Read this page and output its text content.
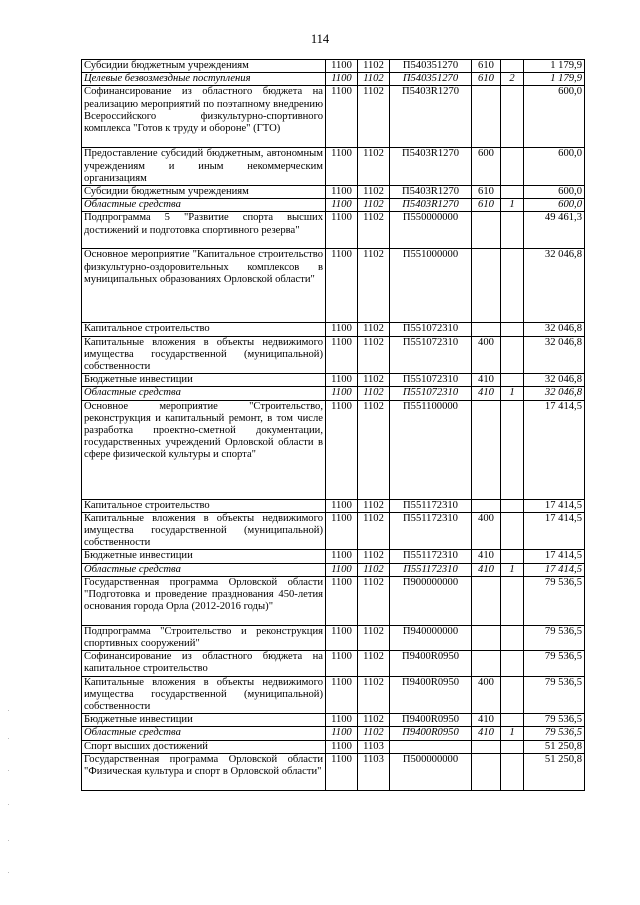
114
Субсидии бюджетным учреждениям	1100	1102	П540351270	610		1 179,9
Целевые безвозмездные поступления	1100	1102	П540351270	610	2	1 179,9
Софинансирование из областного бюджета на реализацию мероприятий по поэтапному внедрению Всероссийского физкультурно-спортивного комплекса "Готов к труду и обороне" (ГТО)	1100	1102	П5403R1270			600,0
Предоставление субсидий бюджетным, автономным учреждениям и иным некоммерческим организациям	1100	1102	П5403R1270	600		600,0
Субсидии бюджетным учреждениям	1100	1102	П5403R1270	610		600,0
Областные средства	1100	1102	П5403R1270	610	1	600,0
Подпрограмма 5 "Развитие спорта высших достижений и подготовка спортивного резерва"	1100	1102	П550000000			49 461,3
Основное мероприятие "Капитальное строительство физкультурно-оздоровительных комплексов в муниципальных образованиях Орловской области"	1100	1102	П551000000			32 046,8
Капитальное строительство	1100	1102	П551072310			32 046,8
Капитальные вложения в объекты недвижимого имущества государственной (муниципальной) собственности	1100	1102	П551072310	400		32 046,8
Бюджетные инвестиции	1100	1102	П551072310	410		32 046,8
Областные средства	1100	1102	П551072310	410	1	32 046,8
Основное мероприятие "Строительство, реконструкция и капитальный ремонт, в том числе разработка проектно-сметной документации, государственных учреждений Орловской области в сфере физической культуры и спорта"	1100	1102	П551100000			17 414,5
Капитальное строительство	1100	1102	П551172310			17 414,5
Капитальные вложения в объекты недвижимого имущества государственной (муниципальной) собственности	1100	1102	П551172310	400		17 414,5
Бюджетные инвестиции	1100	1102	П551172310	410		17 414,5
Областные средства	1100	1102	П551172310	410	1	17 414,5
Государственная программа Орловской области "Подготовка и проведение празднования 450-летия основания города Орла (2012-2016 годы)"	1100	1102	П900000000			79 536,5
Подпрограмма "Строительство и реконструкция спортивных сооружений"	1100	1102	П940000000			79 536,5
Софинансирование из областного бюджета на капитальное строительство	1100	1102	П9400R0950			79 536,5
Капитальные вложения в объекты недвижимого имущества государственной (муниципальной) собственности	1100	1102	П9400R0950	400		79 536,5
Бюджетные инвестиции	1100	1102	П9400R0950	410		79 536,5
Областные средства	1100	1102	П9400R0950	410	1	79 536,5
Спорт высших достижений	1100	1103				51 250,8
Государственная программа Орловской области "Физическая культура и спорт в Орловской области"	1100	1103	П500000000			51 250,8
